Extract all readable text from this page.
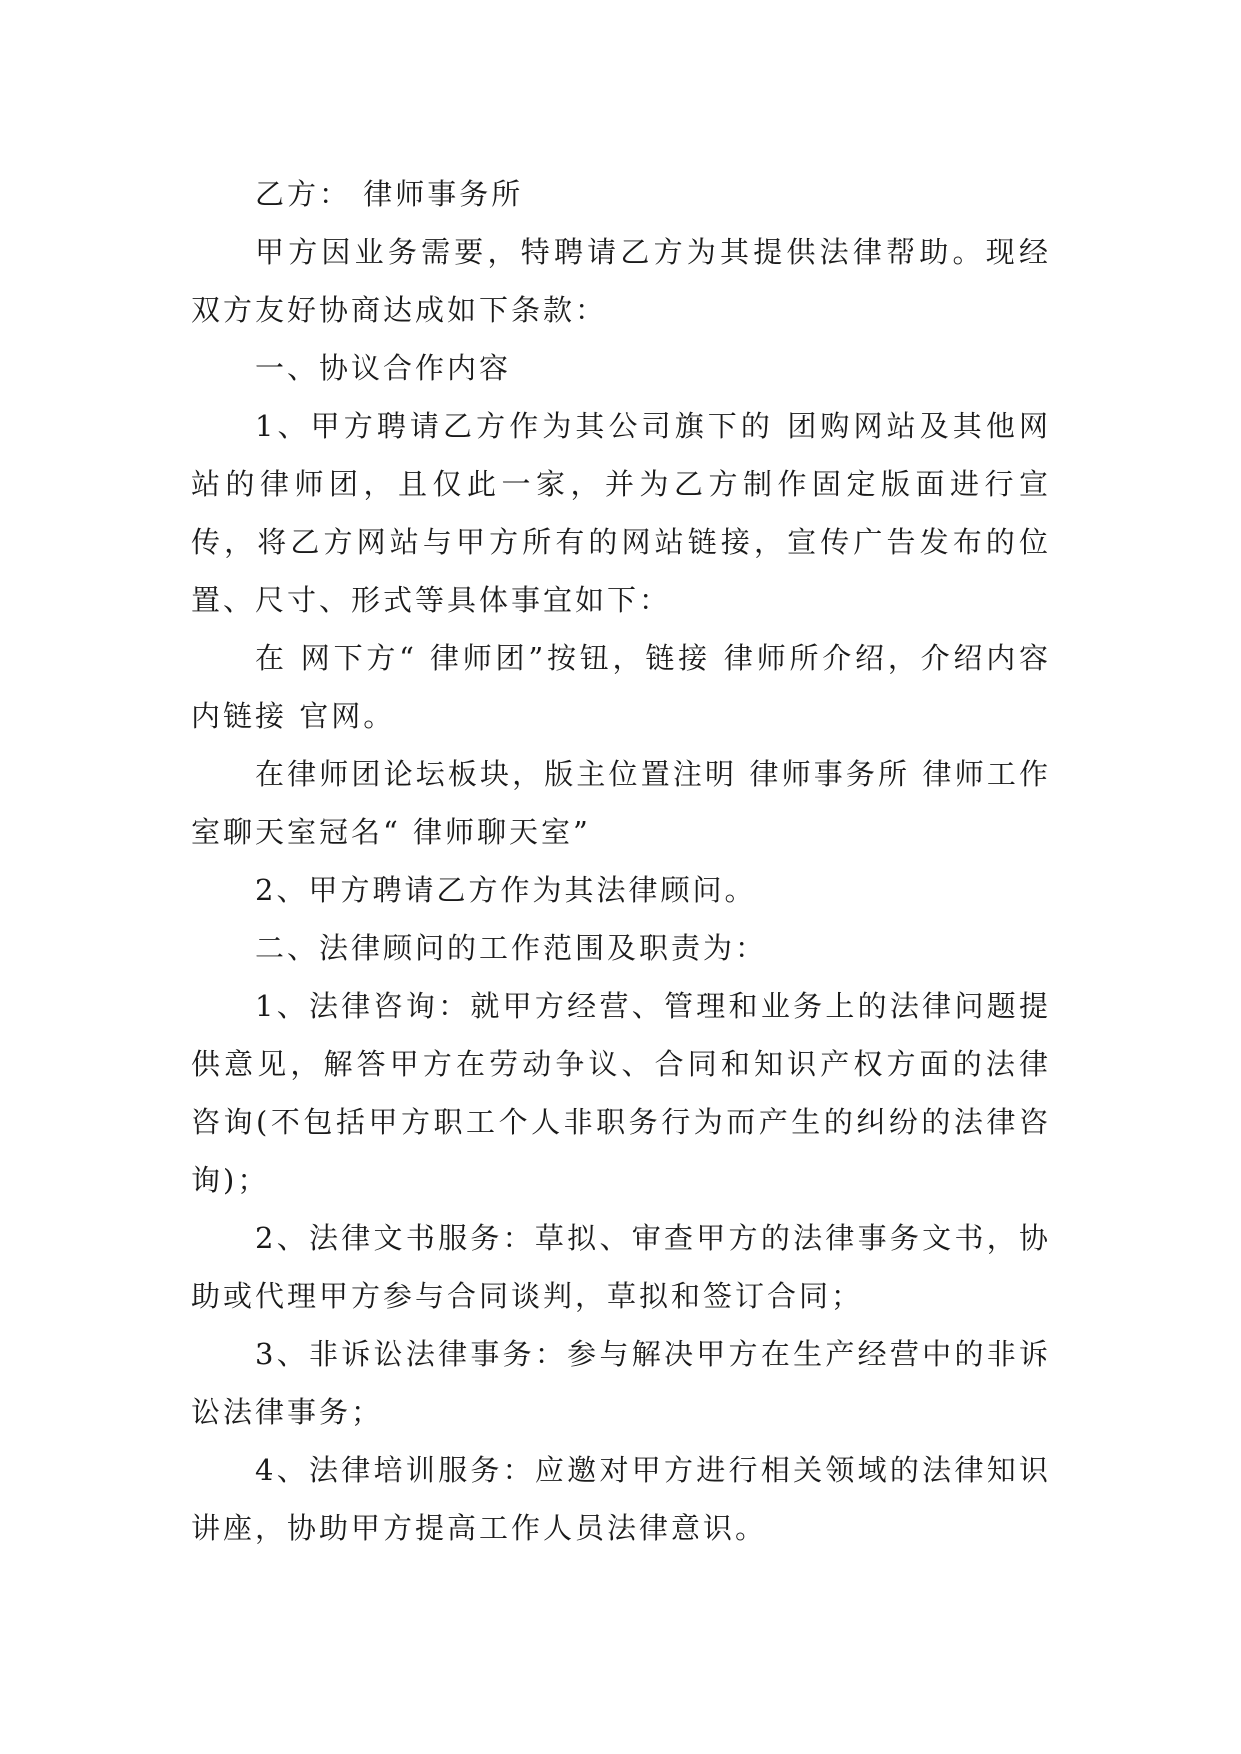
乙方： 律师事务所

甲方因业务需要，特聘请乙方为其提供法律帮助。现经双方友好协商达成如下条款：

一、协议合作内容

1、甲方聘请乙方作为其公司旗下的 团购网站及其他网站的律师团，且仅此一家，并为乙方制作固定版面进行宣传，将乙方网站与甲方所有的网站链接，宣传广告发布的位置、尺寸、形式等具体事宜如下：

在 网下方“ 律师团”按钮，链接 律师所介绍，介绍内容内链接 官网。

在律师团论坛板块，版主位置注明 律师事务所 律师工作室聊天室冠名“ 律师聊天室”

2、甲方聘请乙方作为其法律顾问。

二、法律顾问的工作范围及职责为：

1、法律咨询：就甲方经营、管理和业务上的法律问题提供意见，解答甲方在劳动争议、合同和知识产权方面的法律咨询(不包括甲方职工个人非职务行为而产生的纠纷的法律咨询)；

2、法律文书服务：草拟、审查甲方的法律事务文书，协助或代理甲方参与合同谈判，草拟和签订合同；

3、非诉讼法律事务：参与解决甲方在生产经营中的非诉讼法律事务；

4、法律培训服务：应邀对甲方进行相关领域的法律知识讲座，协助甲方提高工作人员法律意识。
